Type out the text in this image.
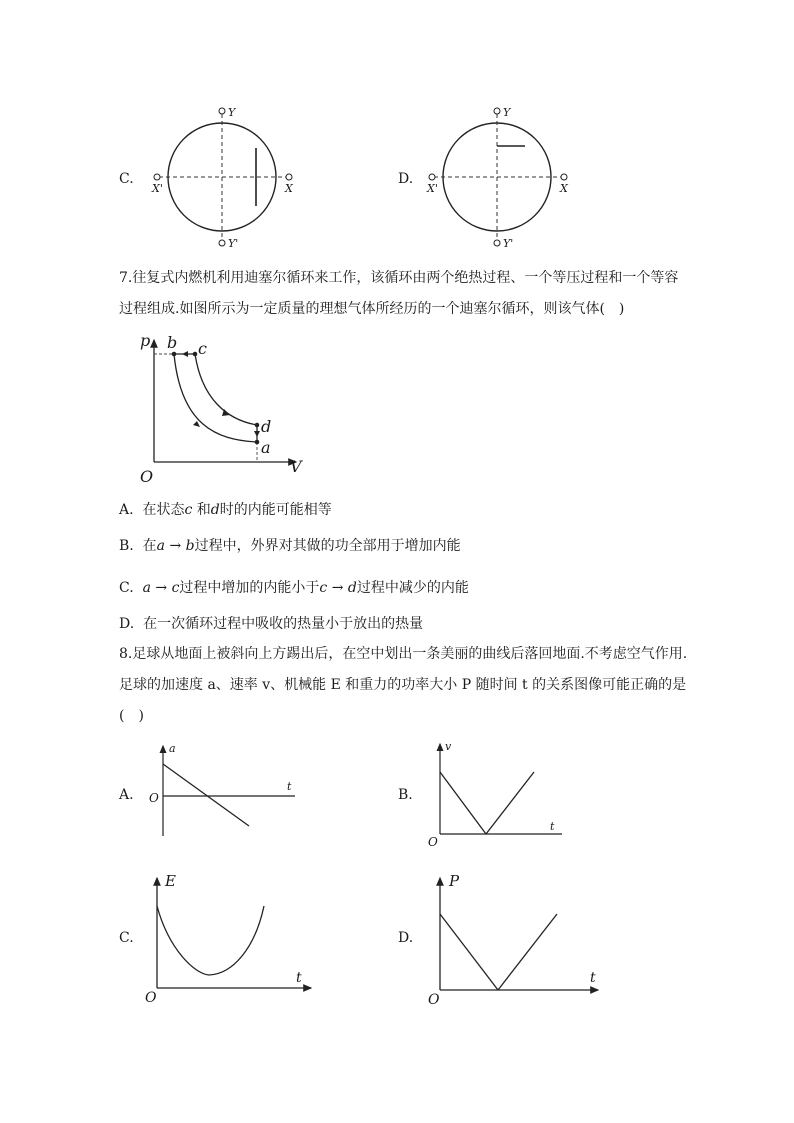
C.
Y
Y'
X'	X
D.
Y
Y'
X'	X
7.往复式内燃机利用迪塞尔循环来工作，该循环由两个绝热过程、一个等压过程和一个等容
过程组成.如图所示为一定质量的理想气体所经历的一个迪塞尔循环，则该气体(　)
p
V
O
b c
d
a
A. 在状态c 和d时的内能可能相等
B. 在a → b过程中，外界对其做的功全部用于增加内能
C. a → c过程中增加的内能小于c → d过程中减少的内能
D. 在一次循环过程中吸收的热量小于放出的热量
8.足球从地面上被斜向上方踢出后，在空中划出一条美丽的曲线后落回地面.不考虑空气作用.
足球的加速度 a、速率 v、机械能 E 和重力的功率大小 P 随时间 t 的关系图像可能正确的是
(　)
A.
a
t
O	B.
v
t
O
C.
E
t
O
D.
P
t
O
